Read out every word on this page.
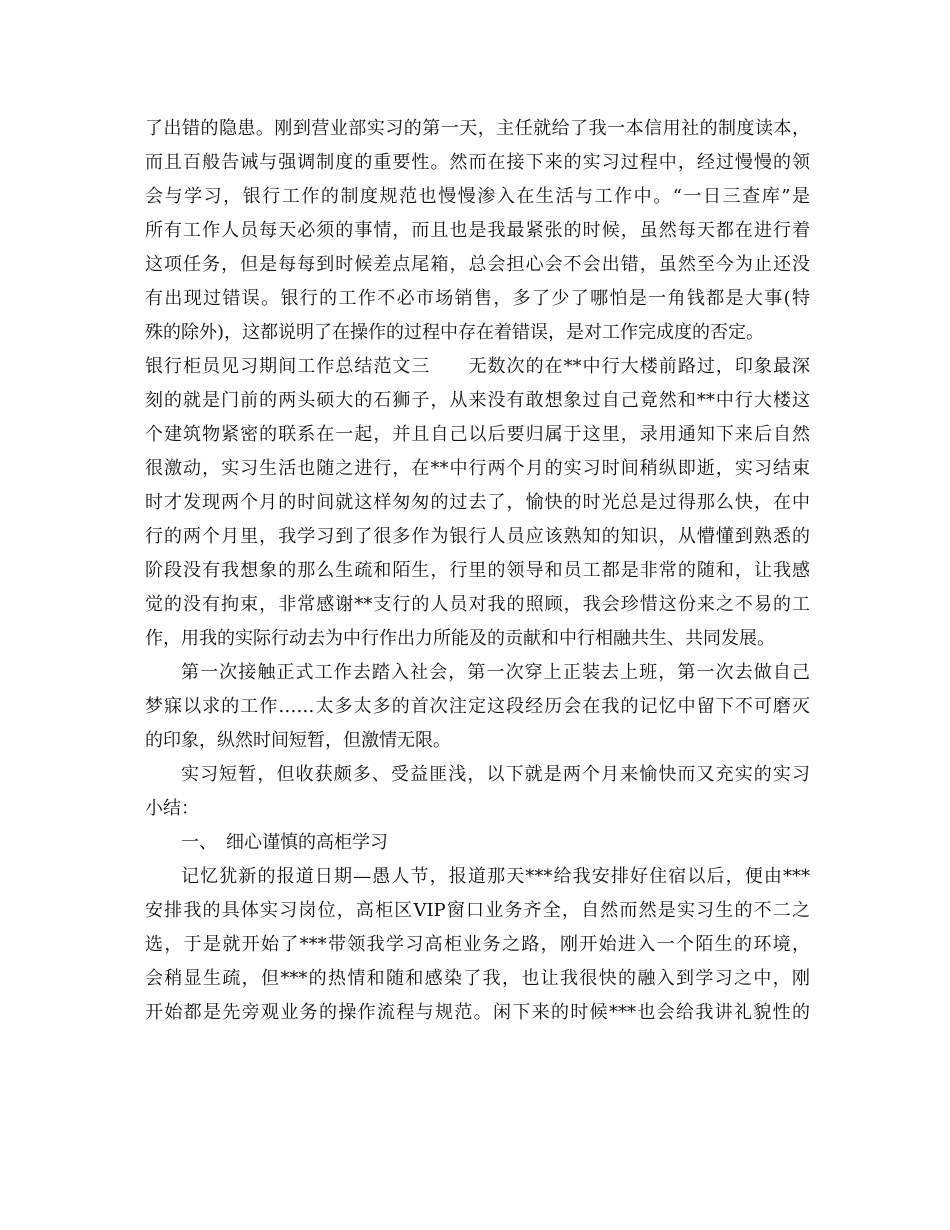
了出错的隐患。刚到营业部实习的第一天，主任就给了我一本信用社的制度读本，
而且百般告诫与强调制度的重要性。然而在接下来的实习过程中，经过慢慢的领
会与学习，银行工作的制度规范也慢慢渗入在生活与工作中。“一日三查库”是
所有工作人员每天必须的事情，而且也是我最紧张的时候，虽然每天都在进行着
这项任务，但是每每到时候差点尾箱，总会担心会不会出错，虽然至今为止还没
有出现过错误。银行的工作不必市场销售，多了少了哪怕是一角钱都是大事(特
殊的除外)，这都说明了在操作的过程中存在着错误，是对工作完成度的否定。
银行柜员见习期间工作总结范文三　　无数次的在**中行大楼前路过，印象最深
刻的就是门前的两头硕大的石狮子，从来没有敢想象过自己竟然和**中行大楼这
个建筑物紧密的联系在一起，并且自己以后要归属于这里，录用通知下来后自然
很激动，实习生活也随之进行，在**中行两个月的实习时间稍纵即逝，实习结束
时才发现两个月的时间就这样匆匆的过去了，愉快的时光总是过得那么快，在中
行的两个月里，我学习到了很多作为银行人员应该熟知的知识，从懵懂到熟悉的
阶段没有我想象的那么生疏和陌生，行里的领导和员工都是非常的随和，让我感
觉的没有拘束，非常感谢**支行的人员对我的照顾，我会珍惜这份来之不易的工
作，用我的实际行动去为中行作出力所能及的贡献和中行相融共生、共同发展。
第一次接触正式工作去踏入社会，第一次穿上正装去上班，第一次去做自己
梦寐以求的工作……太多太多的首次注定这段经历会在我的记忆中留下不可磨灭
的印象，纵然时间短暂，但激情无限。
实习短暂，但收获颇多、受益匪浅，以下就是两个月来愉快而又充实的实习
小结：
一、　细心谨慎的高柜学习
记忆犹新的报道日期—愚人节，报道那天***给我安排好住宿以后，便由***
安排我的具体实习岗位，高柜区VIP窗口业务齐全，自然而然是实习生的不二之
选，于是就开始了***带领我学习高柜业务之路，刚开始进入一个陌生的环境，
会稍显生疏，但***的热情和随和感染了我，也让我很快的融入到学习之中，刚
开始都是先旁观业务的操作流程与规范。闲下来的时候***也会给我讲礼貌性的
